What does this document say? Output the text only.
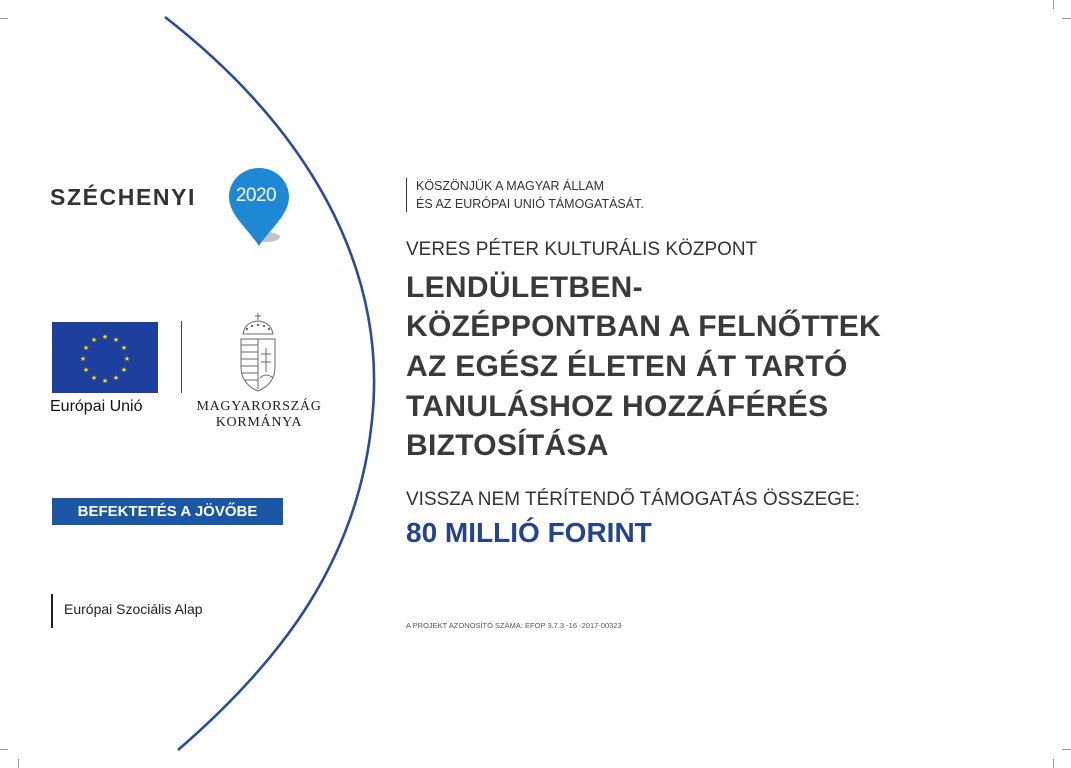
SZÉCHENYI 2020
★ ★
★
★
★
★
★
★
★
★
★
★
Európai Unió	MAGYARORSZÁG
KORMÁNYA
BEFEKTETÉS A JÖVŐBE
Európai Szociális Alap
KÖSZÖNJÜK A MAGYAR ÁLLAM
ÉS AZ EURÓPAI UNIÓ TÁMOGATÁSÁT.
VERES PÉTER KULTURÁLIS KÖZPONT
LENDÜLETBEN-
KÖZÉPPONTBAN A FELNŐTTEK
AZ EGÉSZ ÉLETEN ÁT TARTÓ
TANULÁSHOZ HOZZÁFÉRÉS
BIZTOSÍTÁSA
VISSZA NEM TÉRÍTENDŐ TÁMOGATÁS ÖSSZEGE:
80 MILLIÓ FORINT
A PROJEKT AZONOSÍTÓ SZÁMA: EFOP 3.7.3 -16 -2017-00323
